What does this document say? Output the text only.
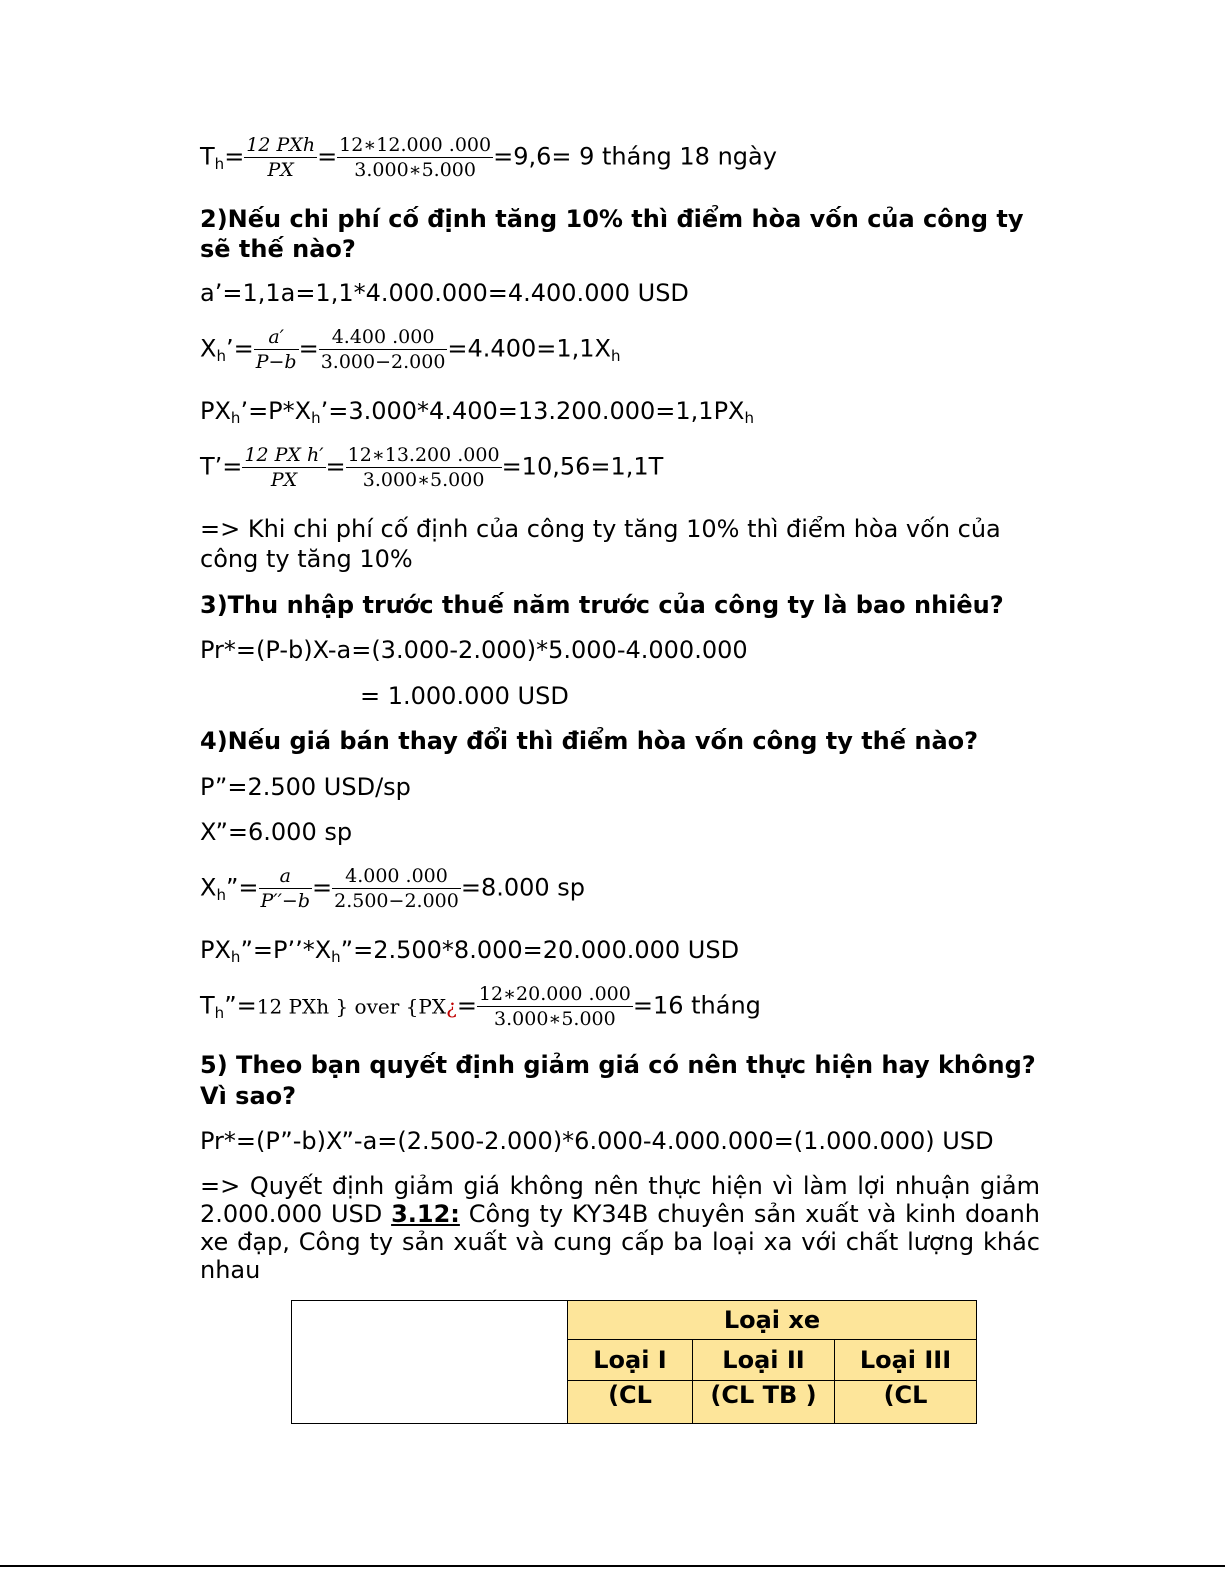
$Th= \frac{\text{12 PXh}}{PX} = \frac{12∗12.000 .000}{3.000∗5.000} =9,6= 9$ tháng 18 ngày
2)Nếu chi phí cố định tăng 10% thì điểm hòa vốn của công ty sẽ thế nào?
a’=1,1a=1,1*4.000.000=4.400.000 USD
Xh’= $\frac{a'}{P-b} = \frac{4.400 .000}{3.000-2.000} =4.400=1,1Xh$
PXh’=P*Xh’=3.000*4.400=13.200.000=1,1PXh
T’= $\frac{\text{12 PX h′}}{PX} = \frac{12∗13.200 .000}{3.000∗5.000} =10,56=1,1T$
=> Khi chi phí cố định của công ty tăng 10% thì điểm hòa vốn của công ty tăng 10%
3)Thu nhập trước thuế năm trước của công ty là bao nhiêu?
Pr*=(P-b)X-a=(3.000-2.000)*5.000-4.000.000
= 1.000.000 USD
4)Nếu giá bán thay đổi thì điểm hòa vốn công ty thế nào?
P”=2.500 USD/sp
X”=6.000 sp
Xh”= $\frac{a}{P''-b} = \frac{4.000 .000}{2.500-2.000} =8.000$ sp
PXh”=P’’*Xh”=2.500*8.000=20.000.000 USD
Th”=12 PXh } over {PX¿= $\frac{12∗20.000 .000}{3.000∗5.000} =16$ tháng
5) Theo bạn quyết định giảm giá có nên thực hiện hay không? Vì sao?
Pr*=(P”-b)X”-a=(2.500-2.000)*6.000-4.000.000=(1.000.000) USD
=> Quyết định giảm giá không nên thực hiện vì làm lợi nhuận giảm 2.000.000 USD 3.12: Công ty KY34B chuyên sản xuất và kinh doanh xe đạp, Công ty sản xuất và cung cấp ba loại xa với chất lượng khác nhau
	Loại xe		
	Loại I	Loại II	Loại III
	(CL	(CL TB )	(CL
